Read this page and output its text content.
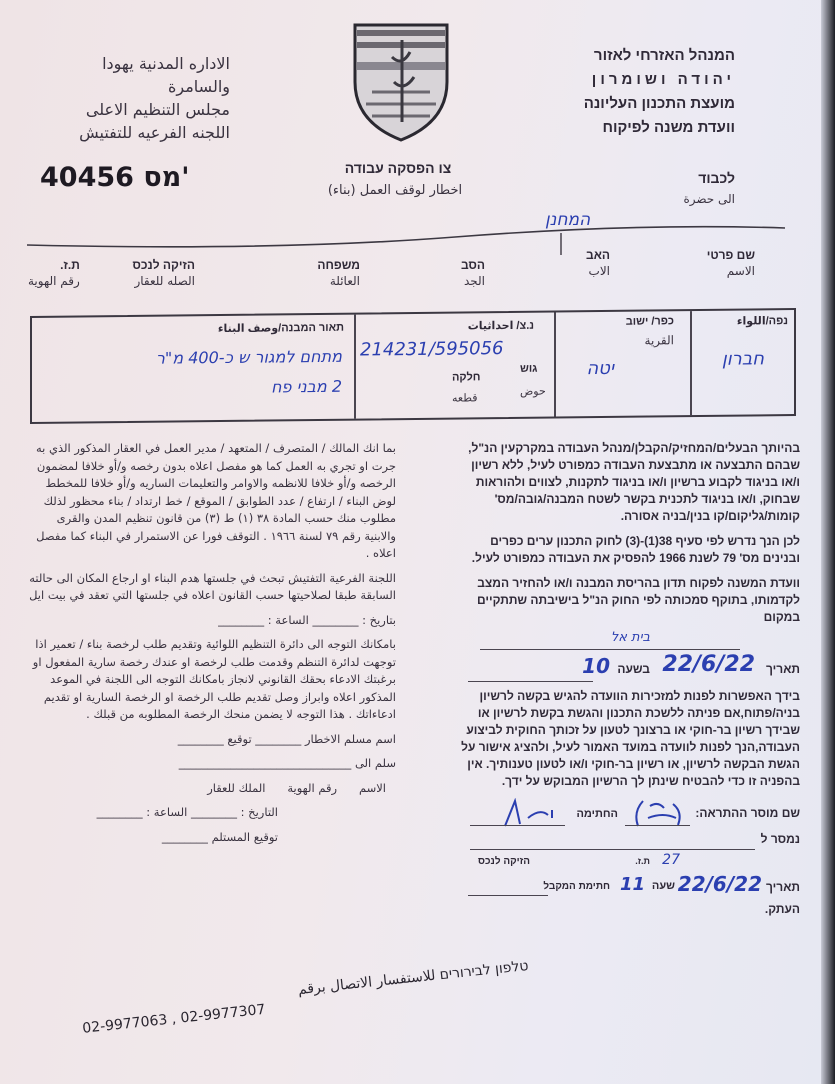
המנהל האזרחי לאזור
יהודה ושומרון
מועצת התכנון העליונה
וועדת משנה לפיקוח
الاداره المدنية يهودا
والسامرة
مجلس التنظيم الاعلى
اللجنه الفرعيه للتفتيش
צו הפסקה עבודה
اخطار لوقف العمل (بناء)
40456 מס'	לכבוד
الى حضرة
המחנן
שם פרטי
الاسم
האב
الاب
הסב
الجد
משפחה
العائلة
הזיקה לנכס
الصله للعقار
ת.ז.
رقم الهوية
נפה/اللواء
חברון
כפר/ ישוב
القرية
יטה
נ.צ/ احداثيات
214231/595056
גוש
حوض
חלקה
قطعه
תאור המבנה/وصف البناء
מתחם למגור ש כ-400 מ"ר
2 מבני פח

בהיותך הבעלים/המחזיק/הקבלן/מנהל העבודה במקרקעין הנ"ל, שבהם התבצעה או מתבצעת העבודה כמפורט לעיל, ללא רשיון ו/או בניגוד לקבוע ברשיון ו/או בניגוד לתקנות, לצווים ולהוראות שבחוק, ו/או בניגוד לתכנית בקשר לשטח המבנה/גובה/מס' קומות/גליקום/קו בנין/בניה אסורה.

לכן הנך נדרש לפי סעיף 38(1)-(3) לחוק התכנון ערים כפרים ובנינים מס' 79 לשנת 1966 להפסיק את העבודה כמפורט לעיל.

וועדת המשנה לפקוח תדון בהריסת המבנה ו/או להחזיר המצב לקדמותו, בתוקף סמכותה לפי החוק הנ"ל בישיבתה שתתקיים במקום

בית אל
תאריך
22/6/22
בשעה
10

בידך האפשרות לפנות למזכירות הוועדה להגיש בקשה לרשיון בניה/פתוח,אם פניתה ללשכת התכנון והגשת בקשת לרשיון או שבידך רשיון בר-חוקי או ברצונך לטעון על זכותך החוקית לביצוע העבודה,הנך לפנות לוועדה במועד האמור לעיל, ולהציג אישור על הגשת הבקשה לרשיון, או רשיון בר-חוקי ו/או לטעון טענותיך. אין בהפניה זו כדי להבטיח שינתן לך הרשיון המבוקש על ידך.

שם מוסר ההתראה:
החתימה
נמסר ל
ת.ז. 27
הזיקה לנכס
תאריך
22/6/22
שעה
11
חתימת המקבל
העתק.

بما انك المالك / المتصرف / المتعهد / مدير العمل في العقار المذكور الذي به جرت او تجري به العمل كما هو مفصل اعلاه بدون رخصه و/أو خلافا لمضمون الرخصه و/أو خلافا للانظمه والاوامر والتعليمات الساريه و/أو خلافا للمخطط لوض البناء / ارتفاع / عدد الطوابق / الموقع / خط ارتداد / بناء محظور لذلك مطلوب منك حسب المادة ٣٨ (١) ط (٣) من قانون تنظيم المدن والقرى والابنية رقم ٧٩ لسنة ١٩٦٦ . التوقف فورا عن الاستمرار في البناء كما مفصل اعلاه .

اللجنة الفرعية التفتيش تبحث في جلستها هدم البناء او ارجاع المكان الى حالته السابقة طبقا لصلاحيتها حسب القانون اعلاه في جلستها التي تعقد في بيت ايل

بتاريخ : ________ الساعة : ________

بامكانك التوجه الى دائرة التنظيم اللوائية وتقديم طلب لرخصة بناء / تعمير اذا توجهت لدائرة التنظم وقدمت طلب لرخصة او عندك رخصة سارية المفعول او برغبتك الادعاء بحقك القانوني لانجاز بامكانك التوجه الى اللجنة في الموعد المذكور اعلاه وابراز وصل تقديم طلب الرخصة او الرخصة السارية او تقديم ادعاءاتك . هذا التوجه لا يضمن منحك الرخصة المطلوبه من قبلك .

اسم مسلم الاخطار ________ توقيع ________

سلم الى ______________________________

الاسم      رقم الهوية      الملك للعقار

التاريخ : ________ الساعة : ________

توقيع المستلم ________

טלפון לבירורים للاستفسار الاتصال برقم
02-9977063 , 02-9977307
